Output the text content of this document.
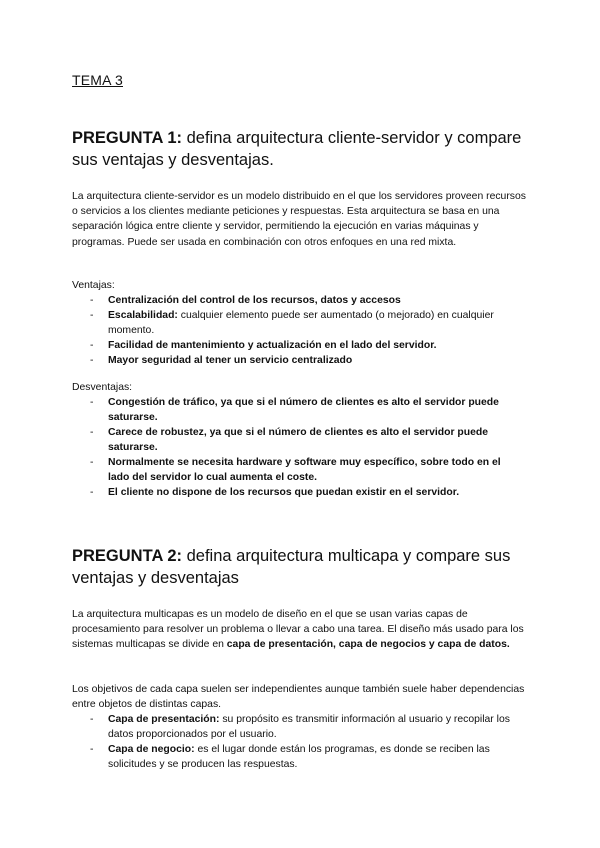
TEMA 3
PREGUNTA 1: defina arquitectura cliente-servidor y compare sus ventajas y desventajas.
La arquitectura cliente-servidor es un modelo distribuido en el que los servidores proveen recursos o servicios a los clientes mediante peticiones y respuestas. Esta arquitectura se basa en una separación lógica entre cliente y servidor, permitiendo la ejecución en varias máquinas y programas. Puede ser usada en combinación con otros enfoques en una red mixta.
Ventajas:
- Centralización del control de los recursos, datos y accesos
- Escalabilidad: cualquier elemento puede ser aumentado (o mejorado) en cualquier momento.
- Facilidad de mantenimiento y actualización en el lado del servidor.
- Mayor seguridad al tener un servicio centralizado
Desventajas:
- Congestión de tráfico, ya que si el número de clientes es alto el servidor puede saturarse.
- Carece de robustez, ya que si el número de clientes es alto el servidor puede saturarse.
- Normalmente se necesita hardware y software muy específico, sobre todo en el lado del servidor lo cual aumenta el coste.
- El cliente no dispone de los recursos que puedan existir en el servidor.
PREGUNTA 2: defina arquitectura multicapa y compare sus ventajas y desventajas
La arquitectura multicapas es un modelo de diseño en el que se usan varias capas de procesamiento para resolver un problema o llevar a cabo una tarea. El diseño más usado para los sistemas multicapas se divide en capa de presentación, capa de negocios y capa de datos.
Los objetivos de cada capa suelen ser independientes aunque también suele haber dependencias entre objetos de distintas capas.
- Capa de presentación: su propósito es transmitir información al usuario y recopilar los datos proporcionados por el usuario.
- Capa de negocio: es el lugar donde están los programas, es donde se reciben las solicitudes y se producen las respuestas.
